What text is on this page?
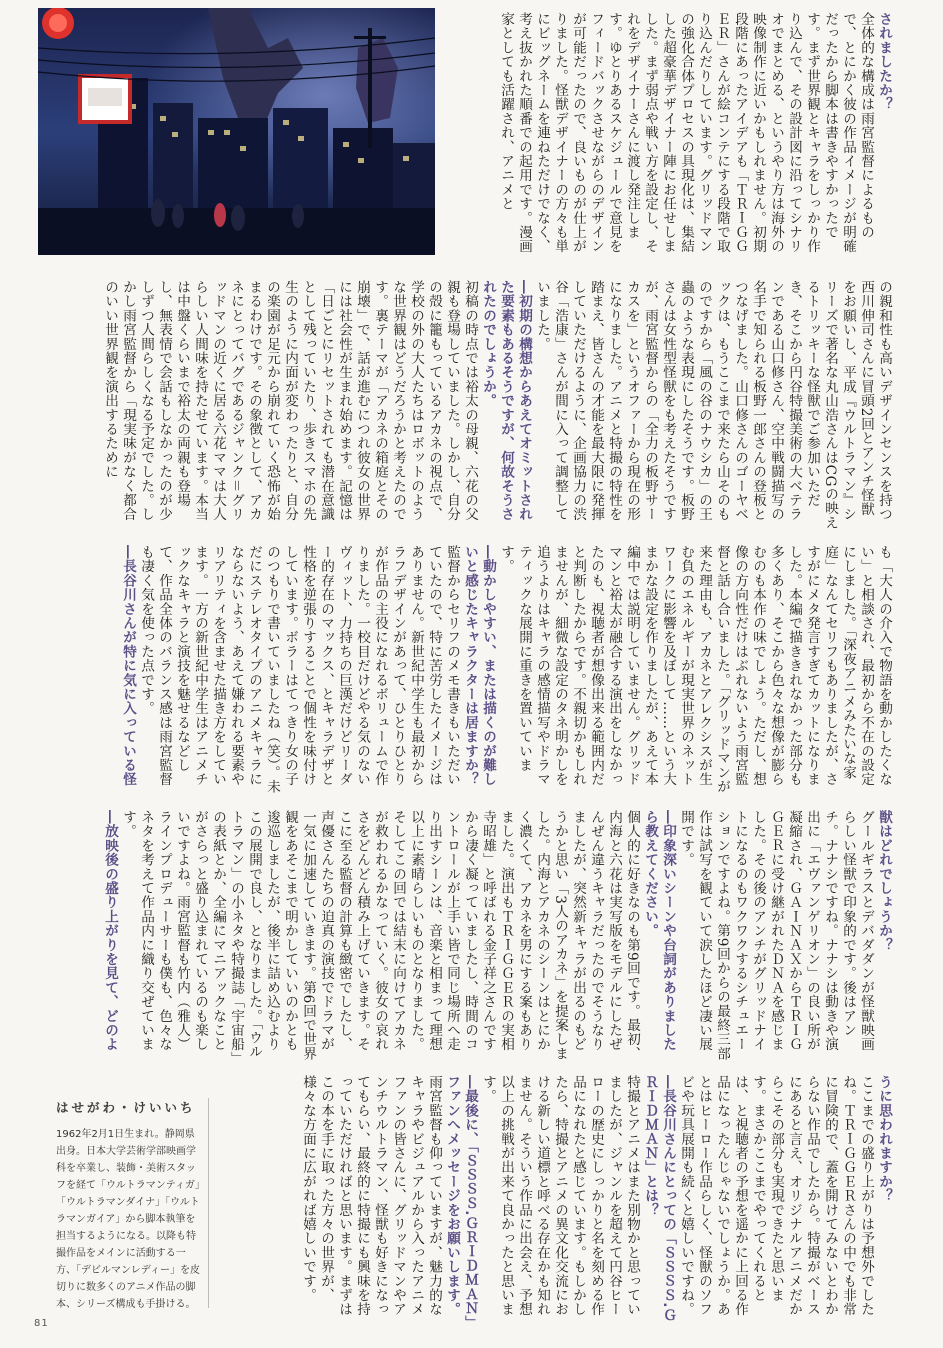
されましたか？

全体的な構成は雨宮監督によるもので、とにかく彼の作品イメージが明確だったから脚本は書きやすかったです。まず世界観とキャラをしっかり作り込んで、その設計図に沿ってシナリオでまとめる、というやり方は海外の映像制作に近いかもしれません。初期段階にあったアイデアも「ＴＲＩＧＧＥＲ」さんが絵コンテにする段階で取り込んだりしています。グリッドマンの強化合体プロセスの具現化は、集結した超豪華デザイナー陣にお任せしました。まず弱点や戦い方を設定し、それをデザイナーさんに渡し発注します。ゆとりあるスケジュールで意見をフィードバックさせながらのデザインが可能だったので、良いものが仕上がりました。怪獣デザイナーの方々も単にビッグネームを連ねただけでなく、考え抜かれた順番での起用です。漫画家としても活躍され、アニメと

の親和性も高いデザインセンスを持つ西川伸司さんに冒頭2回とアンチ怪獣をお願いし、平成『ウルトラマン』シリーズで著名な丸山浩さんはCGの映えるトリッキーな怪獣でご参加いただき、そこから円谷特撮美術の大ベテランである山口修さん、空中戦闘描写の名手で知られる板野一郎さんの登板とつなげました。山口修さんのゴーヤベックは、もうここまで来たら山そのものですから「風の谷のナウシカ」の王蟲のような表現にしたそうです。板野さんは女性型怪獣をも考えたそうですが、雨宮監督からの「全力の板野サーカスを」というオファーから現在の形になりました。アニメと特撮の特性を踏まえ、皆さんの才能を最大限に発揮していただけるように、企画協力の渋谷「浩康」さんが間に入って調整していました。

―初期の構想からあえてオミットされた要素もあるそうですが、何故そうされたのでしょうか。

初稿の時点では裕太の母親、六花の父親も登場していました。しかし、自分の殻に籠もっているアカネの視点で、学校の外の大人たちはロボットのような世界観はどうだろうかと考えたのです。裏テーマが「アカネの箱庭とその崩壊」で、話が進むにつれ彼女の世界には社会性が生まれ始めます。記憶は「日ごとにリセットされても潜在意識として残っていたり、歩きスマホの先生のように内面が変わったりと、自分の楽園が足元から崩れていく恐怖が始まるわけです。その象徴として、アカネにとってバグであるジャンク＝グリッドマンの近くに居る六花ママは大人らしい人間味を持たせています。本当は中盤くらいまで裕太の両親も登場し、無表情で会話もしなかったのが少しずつ人間らしくなる予定でした。しかし雨宮監督から「現実味がなく都合のいい世界観を演出するために

も「大人の介入で物語を動かしたくない」と相談され、最初から不在の設定にしました。「深夜アニメみたいな家庭」なんてセリフもありましたが、さすがにメタ発言すぎてカットになりました。本編で描ききれなかった部分も多くあり、そこから色々な想像が膨らむのも本作の味でしょう。ただし、想像の方向性だけはぶれないよう雨宮監督と話し合いました。「グリッドマンが来た理由も、アカネとアレクシスが生む負のエネルギーが現実世界のネットワークに影響を及ぼして……という大まかな設定を作りましたが、あえて本編中では説明していません。グリッドマンと裕太が融合する演出をしなかったのも、視聴者が想像出来る範囲内だと判断したからです。不親切かもしれませんが、細微な設定のタネ明かしを追うよりはキャラの感情描写やドラマティックな展開に重きを置いています。

―動かしやすい、または描くのが難しいと感じたキャラクターは居ますか？

監督からセリフのメモ書きもいただいていたので、特に苦労したイメージはありません。新世紀中学生も最初からラフデザインがあって、ひとりひとりが作品の主役になれるボリュームで作りました。一校目だけどやる気のないヴィット、力持ちの巨漢だけどリーダー的存在のマックス、とキャラデザと性格を逆張りすることで個性を味付けしています。ボラーはてっきり女の子のつもりで書いていましたね（笑）。未だにステレオタイプのアニメキャラにならないよう、あえて嫌われる要素やリアリティを含ませた描き方をしています。一方の新世紀中学生はアニメチックなキャラと演技を魅せるなどして、作品全体のバランス感は雨宮監督も凄く気を使った点です。

―長谷川さんが特に気に入っている怪

獣はどれでしょうか？

グールギラスとデバダダンが怪獣映画らしい怪獣で印象的です。後はアンチ。ナナシですね。ナナシは動きや演出に「エヴァンゲリオン」の良い所が凝縮され、ＧＡＩＮＡＸからＴＲＩＧＧＥＲに受け継がれたＤＮＡを感じました。その後のアンチがグリッドナイトになるのもワクワクするシチュエーションですよね。第9回からの最終三部作は試写を観ていて涙したほど凄い展開です。

―印象深いシーンや台詞がありましたら教えてください。

個人的に好きなのも第9回です。最初、内海と六花は実写版をモデルにしたぜんぜん違うキャラだったのでそうなりましたが、突然新キャラが出るのもどうかと思い「3人のアカネ」を提案しました。内海とアカネのシーンはとにかく濃くて、アカネを男にする案もありました。演出もＴＲＩＧＧＥＲの実相寺昭雄」と呼ばれる金子祥之さんですから凄く凝っていましたし、時間のコントロールが上手い皆で同じ場所へ走り出すシーンは、音楽と相まって理想以上に素晴らしいものとなりました。そしてこの回では結末に向けてアカネが救われるかなっていく。彼女の哀れさをどんどん積み上げていきます。そこに至る監督の計算も緻密でしたし、声優さんたちの迫真の演技でドラマが一気に加速していきます。第6回で世界観をあそこまで明かしていいのかとも逡巡しましたが、後半に詰め込むよりこの展開で良し、となりました。「ウルトラマン」の小ネタや特撮誌「宇宙船」の表紙とか、全編にマニアックなことがさらっと盛り込まれているのも楽しいですよね。雨宮監督も竹内（雅人）ラインプロデューサーも僕も、色々なネタを考えて作品内に織り交ぜています。

―放映後の盛り上がりを見て、どのよ

うに思われますか？

ここまでの盛り上がりは予想外でしたね。ＴＲＩＧＧＥＲさんの中でも非常に冒険的で、蓋を開けてみないとわからない作品でしたから。特撮がベースにあると言え、オリジナルアニメだからこその部分も実現できたと思います。まさかここまでやってくれるとは、と視聴者の予想を遥かに上回る作品になったんじゃないでしょうか。あとはヒーロー作品らしく、怪獣のソフビや玩具展開も続くと嬉しいですね。

―長谷川さんにとっての「ＳＳＳＳ.ＧＲＩＤＭＡＮ」とは？

特撮とアニメはまた別物かと思っていましたが、ジャンルを超えて円谷ヒーローの歴史にしっかりと名を刻める作品になれたと感じています。もしかしたら、特撮とアニメの異文化交流における新しい道標と呼べる存在かも知れません。そういう作品に出会え、予想以上の挑戦が出来て良かったと思います。

―最後に、「ＳＳＳＳ.ＧＲＩＤＭＡＮ」ファンへメッセージをお願いします。

雨宮監督も仰っていますが、魅力的なキャラやビジュアルから入ったアニメファンの皆さんに、グリッドマンやアンチウルトラマン、怪獣も好きになってもらい、最終的に特撮にも興味を持っていただければと思います。まずはこの本を手に取った方々の世界が、様々な方面に広がれば嬉しいです。

はせがわ・けいいち

1962年2月1日生まれ。静岡県出身。日本大学芸術学部映画学科を卒業し、装飾・美術スタッフを経て「ウルトラマンティガ」「ウルトラマンダイナ」「ウルトラマンガイア」から脚本執筆を担当するようになる。以降も特撮作品をメインに活動する一方、「デビルマンレディー」を皮切りに数多くのアニメ作品の脚本、シリーズ構成も手掛ける。

81
